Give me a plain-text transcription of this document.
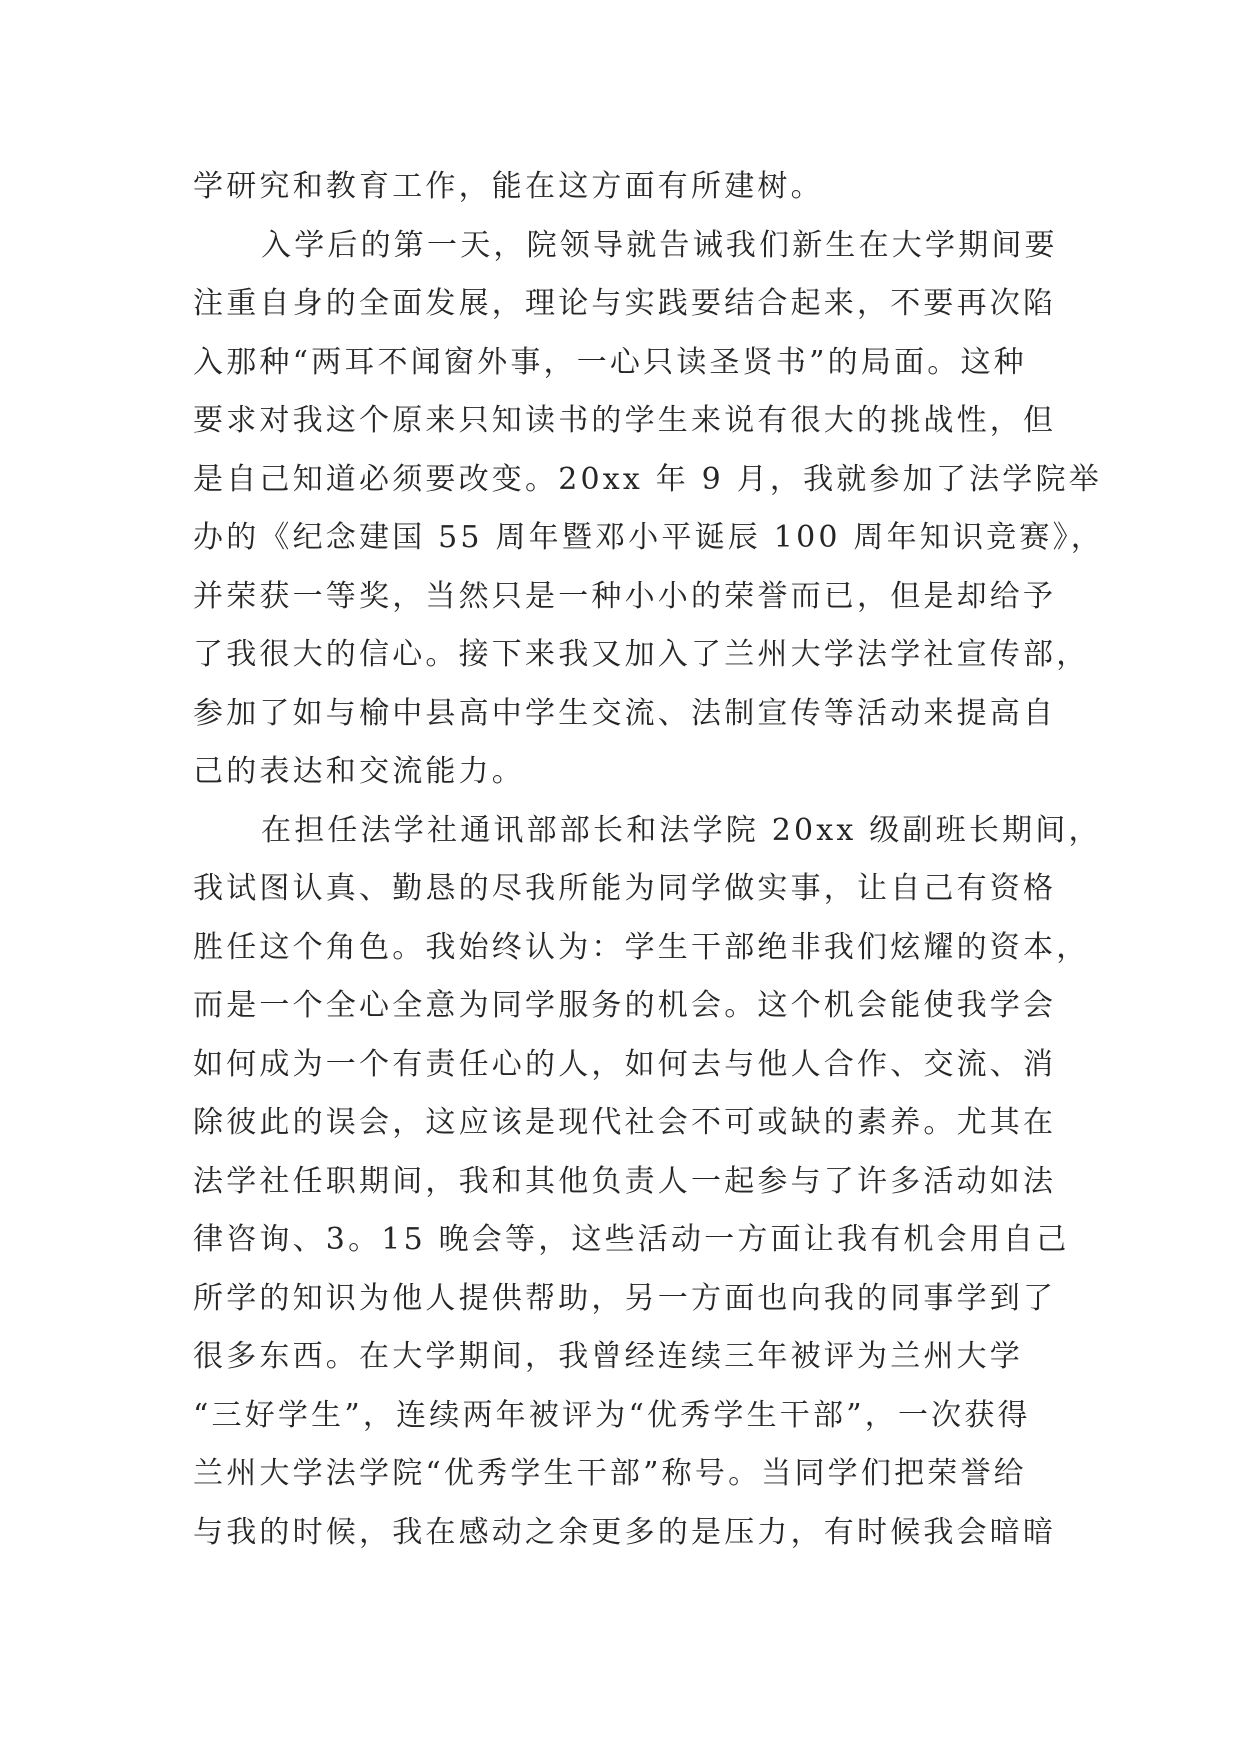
学研究和教育工作，能在这方面有所建树。
入学后的第一天，院领导就告诫我们新生在大学期间要
注重自身的全面发展，理论与实践要结合起来，不要再次陷
入那种“两耳不闻窗外事，一心只读圣贤书”的局面。这种
要求对我这个原来只知读书的学生来说有很大的挑战性，但
是自己知道必须要改变。20xx 年 9 月，我就参加了法学院举
办的《纪念建国 55 周年暨邓小平诞辰 100 周年知识竞赛》，
并荣获一等奖，当然只是一种小小的荣誉而已，但是却给予
了我很大的信心。接下来我又加入了兰州大学法学社宣传部，
参加了如与榆中县高中学生交流、法制宣传等活动来提高自
己的表达和交流能力。
在担任法学社通讯部部长和法学院 20xx 级副班长期间，
我试图认真、勤恳的尽我所能为同学做实事，让自己有资格
胜任这个角色。我始终认为：学生干部绝非我们炫耀的资本，
而是一个全心全意为同学服务的机会。这个机会能使我学会
如何成为一个有责任心的人，如何去与他人合作、交流、消
除彼此的误会，这应该是现代社会不可或缺的素养。尤其在
法学社任职期间，我和其他负责人一起参与了许多活动如法
律咨询、3。15 晚会等，这些活动一方面让我有机会用自己
所学的知识为他人提供帮助，另一方面也向我的同事学到了
很多东西。在大学期间，我曾经连续三年被评为兰州大学
“三好学生”，连续两年被评为“优秀学生干部”，一次获得
兰州大学法学院“优秀学生干部”称号。当同学们把荣誉给
与我的时候，我在感动之余更多的是压力，有时候我会暗暗
